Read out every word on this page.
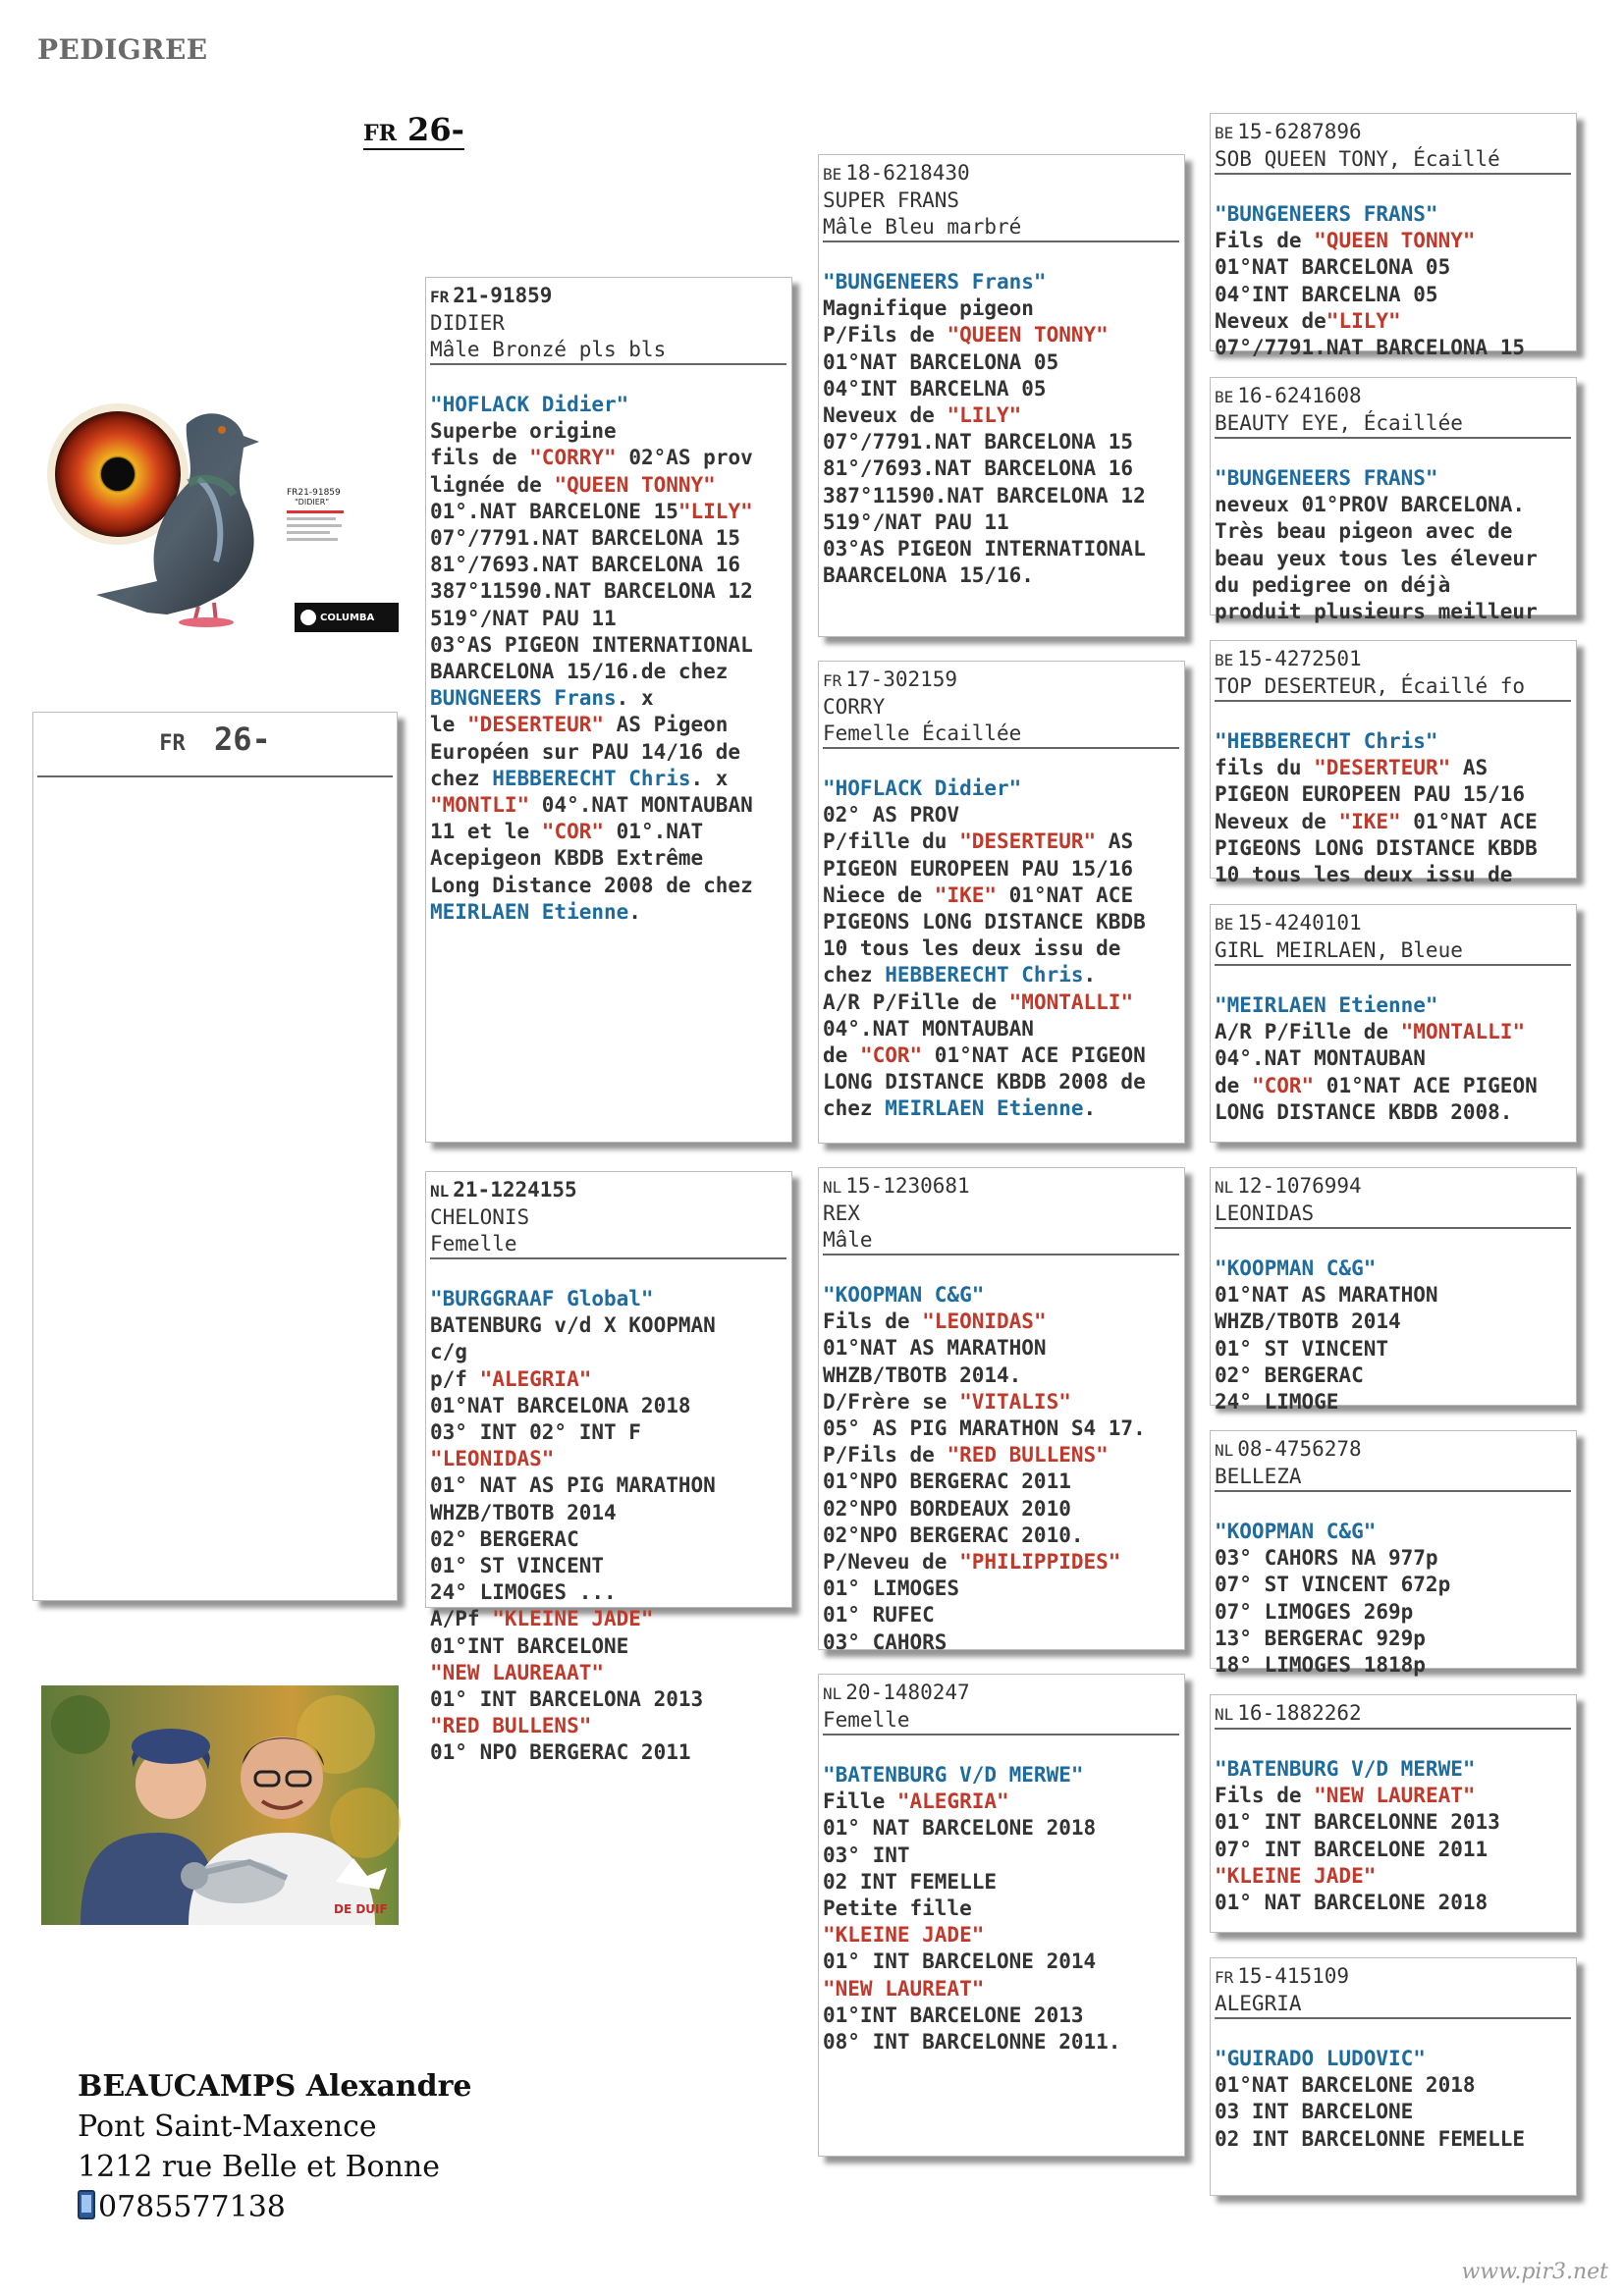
PEDIGREE
FR 26-
FR21-91859
"DIDIER"
COLUMBA
FR 26-
DE DUIF
FR 21-91859
DIDIER
Mâle Bronzé pls bls
"HOFLACK Didier"
Superbe origine
fils de "CORRY" 02°AS prov
lignée de "QUEEN TONNY"
01°.NAT BARCELONE 15"LILY"
07°/7791.NAT BARCELONA 15
81°/7693.NAT BARCELONA 16
387°11590.NAT BARCELONA 12
519°/NAT PAU 11
03°AS PIGEON INTERNATIONAL
BAARCELONA 15/16.de chez
BUNGNEERS Frans. x
le "DESERTEUR" AS Pigeon
Européen sur PAU 14/16 de
chez HEBBERECHT Chris. x
"MONTLI" 04°.NAT MONTAUBAN
11 et le "COR" 01°.NAT
Acepigeon KBDB Extrême
Long Distance 2008 de chez
MEIRLAEN Etienne.
NL 21-1224155
CHELONIS
Femelle
"BURGGRAAF Global"
BATENBURG v/d X KOOPMAN
c/g
p/f "ALEGRIA"
01°NAT BARCELONA 2018
03° INT 02° INT F
"LEONIDAS"
01° NAT AS PIG MARATHON
WHZB/TBOTB 2014
02° BERGERAC
01° ST VINCENT
24° LIMOGES ...
A/Pf "KLEINE JADE"
01°INT BARCELONE
"NEW LAUREAAT"
01° INT BARCELONA 2013
"RED BULLENS"
01° NPO BERGERAC 2011
BE 18-6218430
SUPER FRANS
Mâle Bleu marbré
"BUNGENEERS Frans"
Magnifique pigeon
P/Fils de "QUEEN TONNY"
01°NAT BARCELONA 05
04°INT BARCELNA 05
Neveux de "LILY"
07°/7791.NAT BARCELONA 15
81°/7693.NAT BARCELONA 16
387°11590.NAT BARCELONA 12
519°/NAT PAU 11
03°AS PIGEON INTERNATIONAL
BAARCELONA 15/16.
FR 17-302159
CORRY
Femelle Écaillée
"HOFLACK Didier"
02° AS PROV
P/fille du "DESERTEUR" AS
PIGEON EUROPEEN PAU 15/16
Niece de "IKE" 01°NAT ACE
PIGEONS LONG DISTANCE KBDB
10 tous les deux issu de
chez HEBBERECHT Chris.
A/R P/Fille de "MONTALLI"
04°.NAT MONTAUBAN
de "COR" 01°NAT ACE PIGEON
LONG DISTANCE KBDB 2008 de
chez MEIRLAEN Etienne.
NL 15-1230681
REX
Mâle
"KOOPMAN C&G"
Fils de "LEONIDAS"
01°NAT AS MARATHON
WHZB/TBOTB 2014.
D/Frère se "VITALIS"
05° AS PIG MARATHON S4 17.
P/Fils de "RED BULLENS"
01°NPO BERGERAC 2011
02°NPO BORDEAUX 2010
02°NPO BERGERAC 2010.
P/Neveu de "PHILIPPIDES"
01° LIMOGES
01° RUFEC
03° CAHORS
NL 20-1480247
Femelle
"BATENBURG V/D MERWE"
Fille "ALEGRIA"
01° NAT BARCELONE 2018
03° INT
02 INT FEMELLE
Petite fille
"KLEINE JADE"
01° INT BARCELONE 2014
"NEW LAUREAT"
01°INT BARCELONE 2013
08° INT BARCELONNE 2011.
BE 15-6287896
SOB QUEEN TONY, Écaillé
"BUNGENEERS FRANS"
Fils de "QUEEN TONNY"
01°NAT BARCELONA 05
04°INT BARCELNA 05
Neveux de"LILY"
07°/7791.NAT BARCELONA 15
BE 16-6241608
BEAUTY EYE, Écaillée
"BUNGENEERS FRANS"
neveux 01°PROV BARCELONA.
Très beau pigeon avec de
beau yeux tous les éleveur
du pedigree on déjà
produit plusieurs meilleur
BE 15-4272501
TOP DESERTEUR, Écaillé fo
"HEBBERECHT Chris"
fils du "DESERTEUR" AS
PIGEON EUROPEEN PAU 15/16
Neveux de "IKE" 01°NAT ACE
PIGEONS LONG DISTANCE KBDB
10 tous les deux issu de
BE 15-4240101
GIRL MEIRLAEN, Bleue
"MEIRLAEN Etienne"
A/R P/Fille de "MONTALLI"
04°.NAT MONTAUBAN
de "COR" 01°NAT ACE PIGEON
LONG DISTANCE KBDB 2008.
NL 12-1076994
LEONIDAS
"KOOPMAN C&G"
01°NAT AS MARATHON
WHZB/TBOTB 2014
01° ST VINCENT
02° BERGERAC
24° LIMOGE
NL 08-4756278
BELLEZA
"KOOPMAN C&G"
03° CAHORS NA 977p
07° ST VINCENT 672p
07° LIMOGES 269p
13° BERGERAC 929p
18° LIMOGES 1818p
NL 16-1882262
"BATENBURG V/D MERWE"
Fils de "NEW LAUREAT"
01° INT BARCELONNE 2013
07° INT BARCELONE 2011
"KLEINE JADE"
01° NAT BARCELONE 2018
FR 15-415109
ALEGRIA
"GUIRADO LUDOVIC"
01°NAT BARCELONE 2018
03 INT BARCELONE
02 INT BARCELONNE FEMELLE
BEAUCAMPS Alexandre
Pont Saint-Maxence
1212 rue Belle et Bonne
0785577138
www.pir3.net
